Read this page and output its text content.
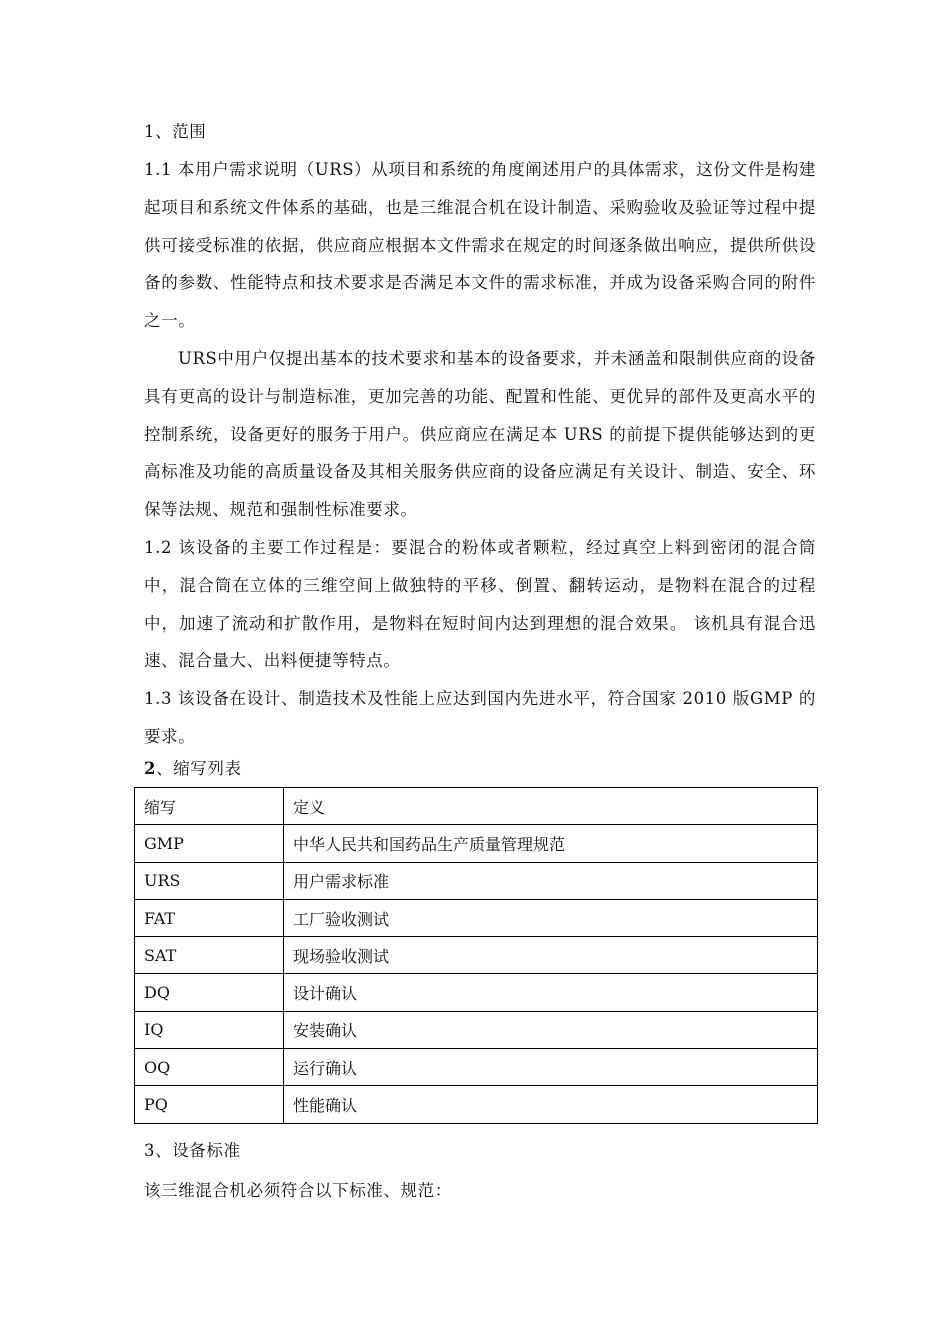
1、范围

1.1 本用户需求说明（URS）从项目和系统的角度阐述用户的具体需求，这份文件是构建起项目和系统文件体系的基础，也是三维混合机在设计制造、采购验收及验证等过程中提供可接受标准的依据，供应商应根据本文件需求在规定的时间逐条做出响应，提供所供设备的参数、性能特点和技术要求是否满足本文件的需求标准，并成为设备采购合同的附件之一。

URS中用户仅提出基本的技术要求和基本的设备要求，并未涵盖和限制供应商的设备具有更高的设计与制造标准，更加完善的功能、配置和性能、更优异的部件及更高水平的控制系统，设备更好的服务于用户。供应商应在满足本 URS 的前提下提供能够达到的更高标准及功能的高质量设备及其相关服务供应商的设备应满足有关设计、制造、安全、环保等法规、规范和强制性标准要求。

1.2 该设备的主要工作过程是：要混合的粉体或者颗粒，经过真空上料到密闭的混合筒中，混合筒在立体的三维空间上做独特的平移、倒置、翻转运动，是物料在混合的过程中，加速了流动和扩散作用，是物料在短时间内达到理想的混合效果。 该机具有混合迅速、混合量大、出料便捷等特点。

1.3 该设备在设计、制造技术及性能上应达到国内先进水平，符合国家 2010 版GMP 的要求。

2、缩写列表

缩写	定义
GMP	中华人民共和国药品生产质量管理规范
URS	用户需求标准
FAT	工厂验收测试
SAT	现场验收测试
DQ	设计确认
IQ	安装确认
OQ	运行确认
PQ	性能确认

3、设备标准

该三维混合机必须符合以下标准、规范：
